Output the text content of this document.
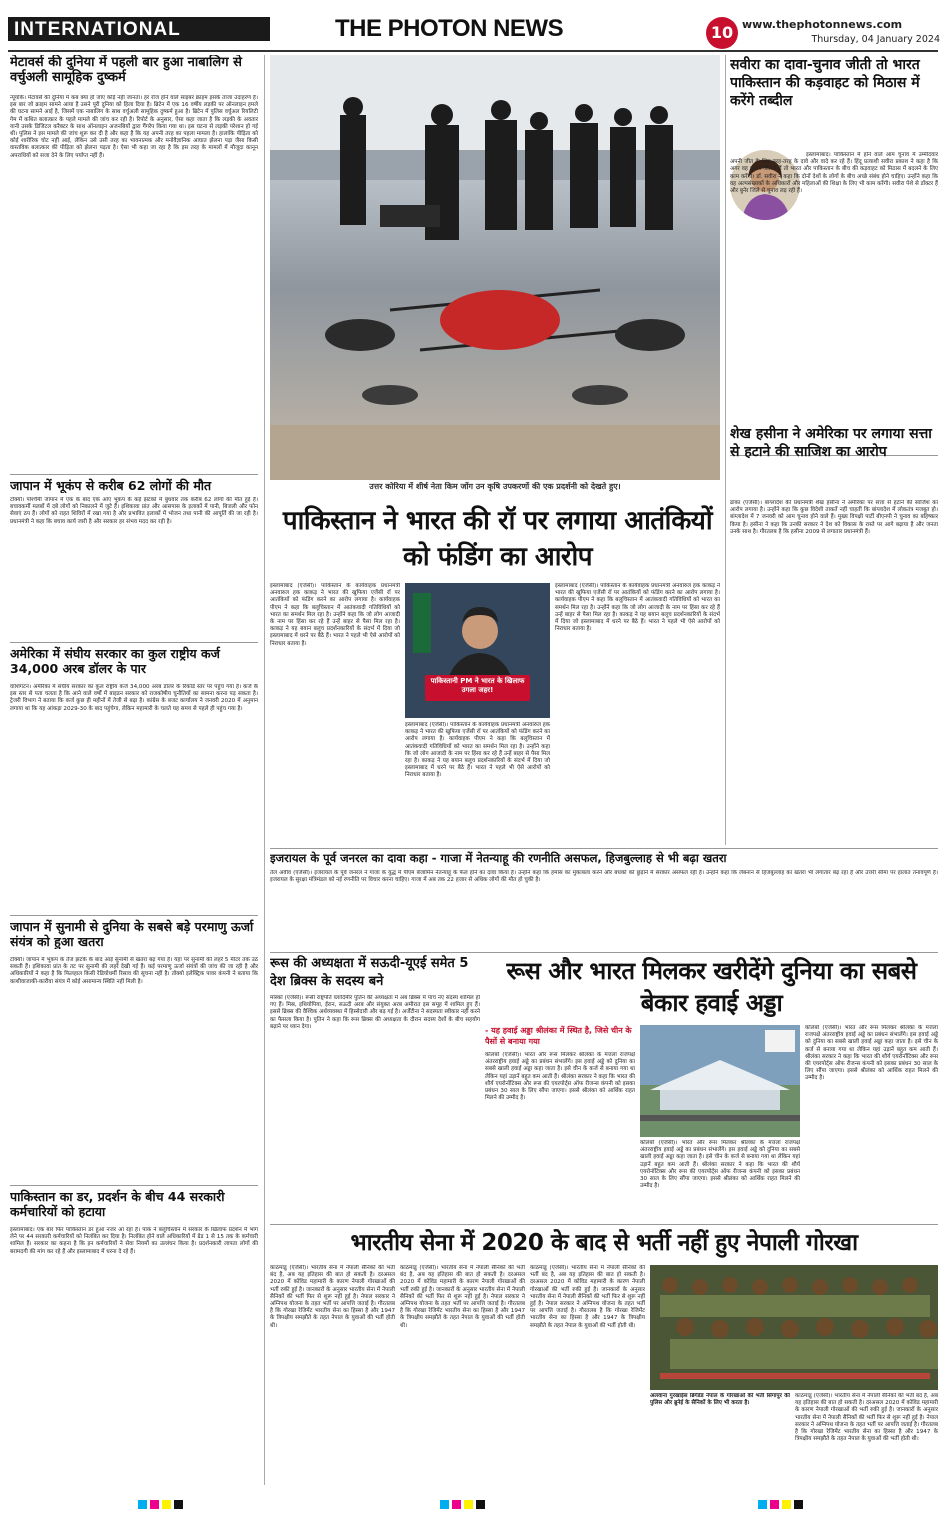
INTERNATIONAL	THE PHOTON NEWS	10 www.thephotonnews.com
Thursday, 04 January 2024
मेटावर्स की दुनिया में पहली बार हुआ नाबालिग से वर्चुअली सामूहिक दुष्कर्म
न्यूयॉर्क। मेटावर्स की दुनिया में कब क्या हो जाए कोई नहीं जानता। हर रोज होने वाले साइबर क्राइम इसके ताजा उदाहरण हैं। इस बार जो क्राइम सामने आया है उसने पूरी दुनिया को हिला दिया है। ब्रिटेन में एक 16 वर्षीय लड़की पर ऑनलाइन हमले की घटना सामने आई है, जिसमें एक नाबालिग के साथ वर्चुअली सामूहिक दुष्कर्म हुआ है। ब्रिटेन में पुलिस वर्चुअल रियलिटी गेम में कथित बलात्कार के पहले मामले की जांच कर रही है। रिपोर्ट के अनुसार, ऐसा कहा जाता है कि लड़की के अवतार यानी उसके डिजिटल करैक्टर के साथ ऑनलाइन अजनबियों द्वारा गैंगरेप किया गया था। इस घटना से लड़की परेशान हो गई थी। पुलिस ने इस मामले की जांच शुरू कर दी है और कहा है कि यह अपनी तरह का पहला मामला है। हालांकि पीड़िता को कोई शारीरिक चोट नहीं आई, लेकिन उसे उसी तरह का भावनात्मक और मनोवैज्ञानिक आघात झेलना पड़ा जैसा किसी वास्तविक बलात्कार की पीड़िता को झेलना पड़ता है। ऐसा भी कहा जा रहा है कि इस तरह के मामलों में मौजूदा कानून अपराधियों को सजा देने के लिए पर्याप्त नहीं हैं।
जापान में भूकंप से करीब 62 लोगों की मौत
टोक्यो। पश्चिमी जापान में एक के बाद एक आए भूकंप के कई झटकों में बुधवार तक करीब 62 लोगों की मौत हुई है। बचावकर्मी मलबों में दबे लोगों को निकालने में जुटे हैं। इशिकावा प्रांत और आसपास के इलाकों में पानी, बिजली और फोन सेवाएं ठप हैं। लोगों को राहत शिविरों में रखा गया है और प्रभावित इलाकों में भोजन तथा पानी की आपूर्ति की जा रही है। प्रधानमंत्री ने कहा कि बचाव कार्य जारी है और सरकार हर संभव मदद कर रही है।
अमेरिका में संघीय सरकार का कुल राष्ट्रीय कर्ज 34,000 अरब डॉलर के पार
वाशिंगटन। अमेरिका में संघीय सरकार का कुल राष्ट्रीय कर्ज 34,000 अरब डॉलर के रिकॉर्ड स्तर पर पहुंच गया है। कर्ज के इस स्तर से पता चलता है कि आने वाले वर्षों में बाइडन सरकार को राजकोषीय चुनौतियों का सामना करना पड़ सकता है। ट्रेजरी विभाग ने बताया कि कर्ज कुछ ही महीनों में तेजी से बढ़ा है। कांग्रेस के बजट कार्यालय ने जनवरी 2020 में अनुमान लगाया था कि यह आंकड़ा 2029-30 के बाद पहुंचेगा, लेकिन महामारी के चलते यह समय से पहले ही पहुंच गया है।
जापान में सुनामी से दुनिया के सबसे बड़े परमाणु ऊर्जा संयंत्र को हुआ खतरा
टोक्यो। जापान में भूकंप के तेज झटके के बाद आई सुनामी से खतरा बढ़ गया है। यहां पर सुनामी की लहरें 5 मीटर तक उठ सकती हैं। इशिकावा प्रांत के तट पर सुनामी की लहरें देखी गई हैं। कई परमाणु ऊर्जा संयंत्रों की जांच की जा रही है और अधिकारियों ने कहा है कि फिलहाल किसी रेडियोधर्मी रिसाव की सूचना नहीं है। तोक्यो इलेक्ट्रिक पावर कंपनी ने बताया कि काशीवाजाकी-कारीवा संयंत्र में कोई असामान्य स्थिति नहीं मिली है।
पाकिस्तान का डर, प्रदर्शन के बीच 44 सरकारी कर्मचारियों को हटाया
इस्लामाबाद। एक बार फिर पाकिस्तान डर हुआ नजर आ रहा है। पाक ने बलूचिस्तान में सरकार के खिलाफ प्रदर्शन में भाग लेने पर 44 सरकारी कर्मचारियों को निलंबित कर दिया है। निलंबित होने वाले अधिकारियों में ग्रेड 1 से 15 तक के कर्मचारी शामिल हैं। सरकार का कहना है कि इन कर्मचारियों ने सेवा नियमों का उल्लंघन किया है। प्रदर्शनकारी लापता लोगों की बरामदगी की मांग कर रहे हैं और इस्लामाबाद में धरना दे रहे हैं।
उत्तर कोरिया में शीर्ष नेता किम जोंग उन कृषि उपकरणों की एक प्रदर्शनी को देखते हुए।
सवीरा का दावा-चुनाव जीती तो भारत पाकिस्तान की कड़वाहट को मिठास में करेंगे तब्दील
इस्लामाबाद। पाकिस्तान में होने वाले आम चुनाव में उम्मीदवार अपनी जीत के लिए तरह-तरह के दावे और वादे कर रहे हैं। हिंदू प्रत्याशी सवीरा प्रकाश ने कहा है कि अगर वह चुनाव जीतती हैं तो भारत और पाकिस्तान के बीच की कड़वाहट को मिठास में बदलने के लिए काम करेंगी। डॉ. सवीरा ने कहा कि दोनों देशों के लोगों के बीच अच्छे संबंध होने चाहिए। उन्होंने कहा कि वह अल्पसंख्यकों के अधिकारों और महिलाओं की शिक्षा के लिए भी काम करेंगी। सवीरा पेशे से डॉक्टर हैं और बुनेर जिले से चुनाव लड़ रही हैं।
शेख हसीना ने अमेरिका पर लगाया सत्ता से हटाने की साजिश का आरोप
ढाका (एजेंसी)। बांग्लादेश की प्रधानमंत्री शेख हसीना ने अमेरिका पर सत्ता से हटाने की साजिश का आरोप लगाया है। उन्होंने कहा कि कुछ विदेशी ताकतें नहीं चाहतीं कि बांग्लादेश में लोकतंत्र मजबूत हो। बांग्लादेश में 7 जनवरी को आम चुनाव होने वाले हैं। मुख्य विपक्षी पार्टी बीएनपी ने चुनाव का बहिष्कार किया है। हसीना ने कहा कि उनकी सरकार ने देश को विकास के रास्ते पर आगे बढ़ाया है और जनता उनके साथ है। गौरतलब है कि हसीना 2009 से लगातार प्रधानमंत्री हैं।
पाकिस्तान ने भारत की रॉ पर लगाया आतंकियों को फंडिंग का आरोप
इस्लामाबाद (एजेंसी)। पाकिस्तान के कार्यवाहक प्रधानमंत्री अनवारुल हक काकड़ ने भारत की खुफिया एजेंसी रॉ पर आतंकियों को फंडिंग करने का आरोप लगाया है। कार्यवाहक पीएम ने कहा कि बलूचिस्तान में आतंकवादी गतिविधियों को भारत का समर्थन मिल रहा है। उन्होंने कहा कि जो लोग आजादी के नाम पर हिंसा कर रहे हैं उन्हें बाहर से पैसा मिल रहा है। काकड़ ने यह बयान बलूच प्रदर्शनकारियों के संदर्भ में दिया जो इस्लामाबाद में धरने पर बैठे हैं। भारत ने पहले भी ऐसे आरोपों को निराधार बताया है।
पाकिस्तानी PM ने भारत के खिलाफ उगला जहर!
इस्लामाबाद (एजेंसी)। पाकिस्तान के कार्यवाहक प्रधानमंत्री अनवारुल हक काकड़ ने भारत की खुफिया एजेंसी रॉ पर आतंकियों को फंडिंग करने का आरोप लगाया है। कार्यवाहक पीएम ने कहा कि बलूचिस्तान में आतंकवादी गतिविधियों को भारत का समर्थन मिल रहा है। उन्होंने कहा कि जो लोग आजादी के नाम पर हिंसा कर रहे हैं उन्हें बाहर से पैसा मिल रहा है। काकड़ ने यह बयान बलूच प्रदर्शनकारियों के संदर्भ में दिया जो इस्लामाबाद में धरने पर बैठे हैं। भारत ने पहले भी ऐसे आरोपों को निराधार बताया है।
इस्लामाबाद (एजेंसी)। पाकिस्तान के कार्यवाहक प्रधानमंत्री अनवारुल हक काकड़ ने भारत की खुफिया एजेंसी रॉ पर आतंकियों को फंडिंग करने का आरोप लगाया है। कार्यवाहक पीएम ने कहा कि बलूचिस्तान में आतंकवादी गतिविधियों को भारत का समर्थन मिल रहा है। उन्होंने कहा कि जो लोग आजादी के नाम पर हिंसा कर रहे हैं उन्हें बाहर से पैसा मिल रहा है। काकड़ ने यह बयान बलूच प्रदर्शनकारियों के संदर्भ में दिया जो इस्लामाबाद में धरने पर बैठे हैं। भारत ने पहले भी ऐसे आरोपों को निराधार बताया है।
इजरायल के पूर्व जनरल का दावा कहा - गाजा में नेतन्याहू की रणनीति असफल, हिजबुल्लाह से भी बढ़ा खतरा
तेल अवीव (एजेंसी)। इजरायल के पूर्व जनरल ने गाजा के युद्ध में पीएम बेंजामिन नेतन्याहू के फेल होने का दावा किया है। उन्होंने कहा कि हमास का मुकाबला करने और बंधकों को छुड़ाने में सरकार असफल रही है। उन्होंने कहा कि लेबनान से हिजबुल्लाह का खतरा भी लगातार बढ़ रहा है और उत्तरी सीमा पर हालात तनावपूर्ण हैं। इजरायल के सुरक्षा मंत्रिमंडल को नई रणनीति पर विचार करना चाहिए। गाजा में अब तक 22 हजार से अधिक लोगों की मौत हो चुकी है।
रूस की अध्यक्षता में सऊदी-यूएई समेत 5 देश ब्रिक्स के सदस्य बने
मॉस्को (एजेंसी)। रूसी राष्ट्रपति व्लादिमीर पुतिन की अध्यक्षता में अब ब्रिक्स में पांच नए सदस्य शामिल हो गए हैं। मिस्र, इथियोपिया, ईरान, सऊदी अरब और संयुक्त अरब अमीरात इस समूह में शामिल हुए हैं। इससे ब्रिक्स की वैश्विक अर्थव्यवस्था में हिस्सेदारी और बढ़ गई है। अर्जेंटीना ने सदस्यता स्वीकार नहीं करने का फैसला किया है। पुतिन ने कहा कि रूस ब्रिक्स की अध्यक्षता के दौरान सदस्य देशों के बीच सहयोग बढ़ाने पर ध्यान देगा।
रूस और भारत मिलकर खरीदेंगे दुनिया का सबसे बेकार हवाई अड्डा
- यह हवाई अड्डा श्रीलंका में स्थित है, जिसे चीन के पैसों से बनाया गया
कोलंबो (एजेंसी)। भारत और रूस मिलकर श्रीलंका के मत्तला राजपक्षे अंतरराष्ट्रीय हवाई अड्डे का प्रबंधन संभालेंगे। इस हवाई अड्डे को दुनिया का सबसे खाली हवाई अड्डा कहा जाता है। इसे चीन के कर्ज से बनाया गया था लेकिन यहां उड़ानें बहुत कम आती हैं। श्रीलंका सरकार ने कहा कि भारत की शौर्य एयरोनॉटिक्स और रूस की एयरपोर्ट्स ऑफ रीजन्स कंपनी को इसका प्रबंधन 30 साल के लिए सौंपा जाएगा। इससे श्रीलंका को आर्थिक राहत मिलने की उम्मीद है।
कोलंबो (एजेंसी)। भारत और रूस मिलकर श्रीलंका के मत्तला राजपक्षे अंतरराष्ट्रीय हवाई अड्डे का प्रबंधन संभालेंगे। इस हवाई अड्डे को दुनिया का सबसे खाली हवाई अड्डा कहा जाता है। इसे चीन के कर्ज से बनाया गया था लेकिन यहां उड़ानें बहुत कम आती हैं। श्रीलंका सरकार ने कहा कि भारत की शौर्य एयरोनॉटिक्स और रूस की एयरपोर्ट्स ऑफ रीजन्स कंपनी को इसका प्रबंधन 30 साल के लिए सौंपा जाएगा। इससे श्रीलंका को आर्थिक राहत मिलने की उम्मीद है।
कोलंबो (एजेंसी)। भारत और रूस मिलकर श्रीलंका के मत्तला राजपक्षे अंतरराष्ट्रीय हवाई अड्डे का प्रबंधन संभालेंगे। इस हवाई अड्डे को दुनिया का सबसे खाली हवाई अड्डा कहा जाता है। इसे चीन के कर्ज से बनाया गया था लेकिन यहां उड़ानें बहुत कम आती हैं। श्रीलंका सरकार ने कहा कि भारत की शौर्य एयरोनॉटिक्स और रूस की एयरपोर्ट्स ऑफ रीजन्स कंपनी को इसका प्रबंधन 30 साल के लिए सौंपा जाएगा। इससे श्रीलंका को आर्थिक राहत मिलने की उम्मीद है।
भारतीय सेना में 2020 के बाद से भर्ती नहीं हुए नेपाली गोरखा
काठमांडू (एजेंसी)। भारतीय सेना में नेपाली सैनिकों की भर्ती बंद है, अब यह इतिहास की बात हो सकती है। दरअसल 2020 में कोविड महामारी के कारण नेपाली गोरखाओं की भर्ती रुकी हुई है। जानकारों के अनुसार भारतीय सेना में नेपाली सैनिकों की भर्ती फिर से शुरू नहीं हुई है। नेपाल सरकार ने अग्निपथ योजना के तहत भर्ती पर आपत्ति जताई है। गौरतलब है कि गोरखा रेजिमेंट भारतीय सेना का हिस्सा है और 1947 के त्रिपक्षीय समझौते के तहत नेपाल के युवाओं की भर्ती होती थी।
काठमांडू (एजेंसी)। भारतीय सेना में नेपाली सैनिकों की भर्ती बंद है, अब यह इतिहास की बात हो सकती है। दरअसल 2020 में कोविड महामारी के कारण नेपाली गोरखाओं की भर्ती रुकी हुई है। जानकारों के अनुसार भारतीय सेना में नेपाली सैनिकों की भर्ती फिर से शुरू नहीं हुई है। नेपाल सरकार ने अग्निपथ योजना के तहत भर्ती पर आपत्ति जताई है। गौरतलब है कि गोरखा रेजिमेंट भारतीय सेना का हिस्सा है और 1947 के त्रिपक्षीय समझौते के तहत नेपाल के युवाओं की भर्ती होती थी।
काठमांडू (एजेंसी)। भारतीय सेना में नेपाली सैनिकों की भर्ती बंद है, अब यह इतिहास की बात हो सकती है। दरअसल 2020 में कोविड महामारी के कारण नेपाली गोरखाओं की भर्ती रुकी हुई है। जानकारों के अनुसार भारतीय सेना में नेपाली सैनिकों की भर्ती फिर से शुरू नहीं हुई है। नेपाल सरकार ने अग्निपथ योजना के तहत भर्ती पर आपत्ति जताई है। गौरतलब है कि गोरखा रेजिमेंट भारतीय सेना का हिस्सा है और 1947 के त्रिपक्षीय समझौते के तहत नेपाल के युवाओं की भर्ती होती थी।
अलवाना गुरखाईस ब्रिगेडेड नेपाल के गोरखाओं की भर्ती सिंगापुर की पुलिस और ब्रुनेई के सैनिकों के लिए भी करता है।
काठमांडू (एजेंसी)। भारतीय सेना में नेपाली सैनिकों की भर्ती बंद है, अब यह इतिहास की बात हो सकती है। दरअसल 2020 में कोविड महामारी के कारण नेपाली गोरखाओं की भर्ती रुकी हुई है। जानकारों के अनुसार भारतीय सेना में नेपाली सैनिकों की भर्ती फिर से शुरू नहीं हुई है। नेपाल सरकार ने अग्निपथ योजना के तहत भर्ती पर आपत्ति जताई है। गौरतलब है कि गोरखा रेजिमेंट भारतीय सेना का हिस्सा है और 1947 के त्रिपक्षीय समझौते के तहत नेपाल के युवाओं की भर्ती होती थी।
